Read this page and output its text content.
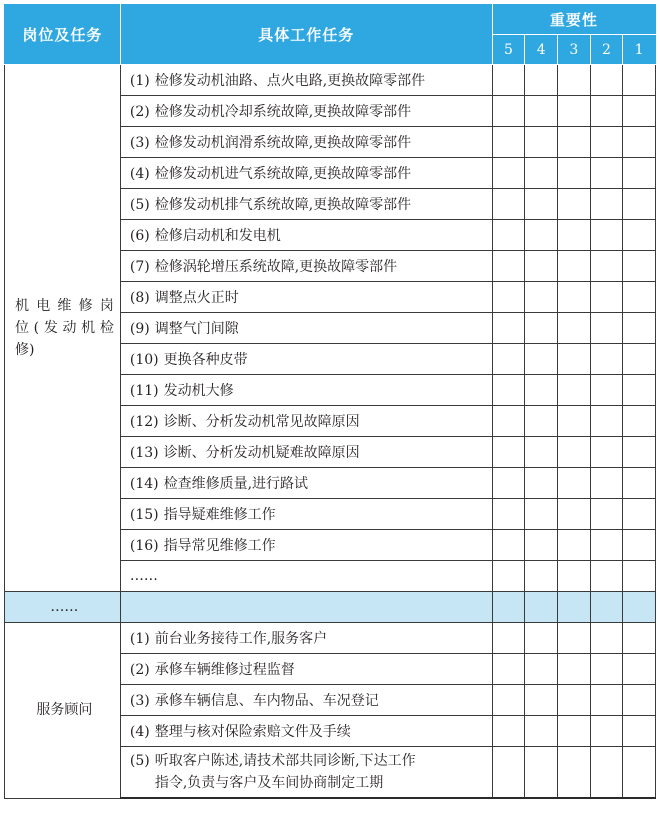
岗位及任务	具体工作任务	重要性				
		5	4	3	2	1

机电维修岗
位(发动机检
修)	(1) 检修发动机油路、点火电路,更换故障零部件					
	(2) 检修发动机冷却系统故障,更换故障零部件					
	(3) 检修发动机润滑系统故障,更换故障零部件					
	(4) 检修发动机进气系统故障,更换故障零部件					
	(5) 检修发动机排气系统故障,更换故障零部件					
	(6) 检修启动机和发电机					
	(7) 检修涡轮增压系统故障,更换故障零部件					
	(8) 调整点火正时					
	(9) 调整气门间隙					
	(10) 更换各种皮带					
	(11) 发动机大修					
	(12) 诊断、分析发动机常见故障原因					
	(13) 诊断、分析发动机疑难故障原因					
	(14) 检查维修质量,进行路试					
	(15) 指导疑难维修工作					
	(16) 指导常见维修工作					
	……					
……						
服务顾问	(1) 前台业务接待工作,服务客户					
	(2) 承修车辆维修过程监督					
	(3) 承修车辆信息、车内物品、车况登记					
	(4) 整理与核对保险索赔文件及手续					
	(5) 听取客户陈述,请技术部共同诊断,下达工作
指令,负责与客户及车间协商制定工期					
